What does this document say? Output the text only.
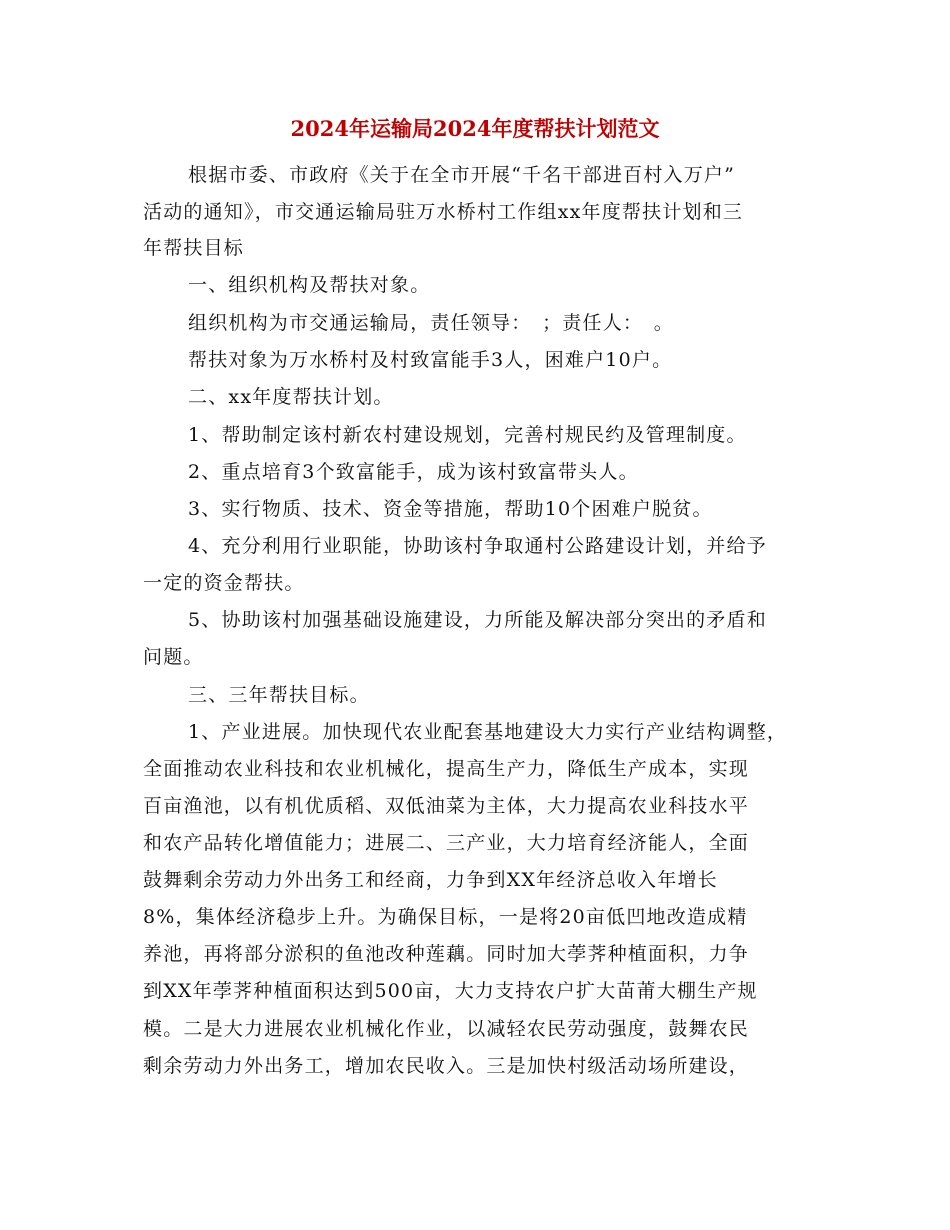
2024年运输局2024年度帮扶计划范文
根据市委、市政府《关于在全市开展“千名干部进百村入万户”
活动的通知》，市交通运输局驻万水桥村工作组xx年度帮扶计划和三
年帮扶目标
一、组织机构及帮扶对象。
组织机构为市交通运输局，责任领导：　；责任人：　。
帮扶对象为万水桥村及村致富能手3人，困难户10户。
二、xx年度帮扶计划。
1、帮助制定该村新农村建设规划，完善村规民约及管理制度。
2、重点培育3个致富能手，成为该村致富带头人。
3、实行物质、技术、资金等措施，帮助10个困难户脱贫。
4、充分利用行业职能，协助该村争取通村公路建设计划，并给予
一定的资金帮扶。
5、协助该村加强基础设施建设，力所能及解决部分突出的矛盾和
问题。
三、三年帮扶目标。
1、产业进展。加快现代农业配套基地建设大力实行产业结构调整，
全面推动农业科技和农业机械化，提高生产力，降低生产成本，实现
百亩渔池，以有机优质稻、双低油菜为主体，大力提高农业科技水平
和农产品转化增值能力；进展二、三产业，大力培育经济能人，全面
鼓舞剩余劳动力外出务工和经商，力争到XX年经济总收入年增长
8%，集体经济稳步上升。为确保目标，一是将20亩低凹地改造成精
养池，再将部分淤积的鱼池改种莲藕。同时加大荸荠种植面积，力争
到XX年荸荠种植面积达到500亩，大力支持农户扩大苗莆大棚生产规
模。二是大力进展农业机械化作业，以减轻农民劳动强度，鼓舞农民
剩余劳动力外出务工，增加农民收入。三是加快村级活动场所建设，
